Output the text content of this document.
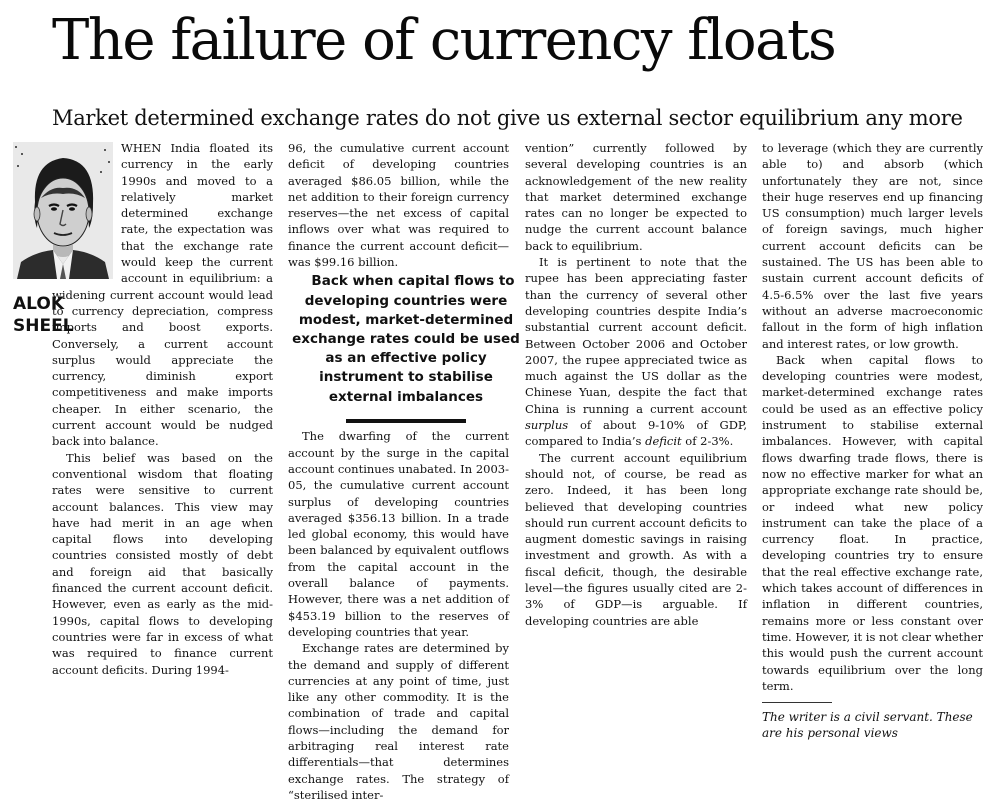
The failure of currency floats
Market determined exchange rates do not give us external sector equilibrium any more
ALOK
SHEEL

WHEN India floated its currency in the early 1990s and moved to a relatively market determined exchange rate, the expectation was that the exchange rate would keep the current account in equilibrium: a widening current account would lead to currency depreciation, compress imports and boost exports. Conversely, a current account surplus would appreciate the currency, diminish export competitiveness and make imports cheaper. In either scenario, the current account would be nudged back into balance.

This belief was based on the conventional wisdom that floating rates were sensitive to current account balances. This view may have had merit in an age when capital flows into developing countries consisted mostly of debt and foreign aid that basically financed the current account deficit. However, even as early as the mid-1990s, capital flows to developing countries were far in excess of what was required to finance current account deficits. During 1994-

96, the cumulative current account deficit of developing countries averaged $86.05 billion, while the net addition to their foreign currency reserves—the net excess of capital inflows over what was required to finance the current account deficit—was $99.16 billion.

Back when capital flows to developing countries were modest, market-determined exchange rates could be used as an effective policy instrument to stabilise external imbalances
The dwarfing of the current account by the surge in the capital account continues unabated. In 2003-05, the cumulative current account surplus of developing countries averaged $356.13 billion. In a trade led global economy, this would have been balanced by equivalent outflows from the capital account in the overall balance of payments. However, there was a net addition of $453.19 billion to the reserves of developing countries that year.

Exchange rates are determined by the demand and supply of different currencies at any point of time, just like any other commodity. It is the combination of trade and capital flows—including the demand for arbitraging real interest rate differentials—that determines exchange rates. The strategy of “sterilised inter-

vention” currently followed by several developing countries is an acknowledgement of the new reality that market determined exchange rates can no longer be expected to nudge the current account balance back to equilibrium.

It is pertinent to note that the rupee has been appreciating faster than the currency of several other developing countries despite India’s substantial current account deficit. Between October 2006 and October 2007, the rupee appreciated twice as much against the US dollar as the Chinese Yuan, despite the fact that China is running a current account surplus of about 9-10% of GDP, compared to India’s deficit of 2-3%.

The current account equilibrium should not, of course, be read as zero. Indeed, it has been long believed that developing countries should run current account deficits to augment domestic savings in raising investment and growth. As with a fiscal deficit, though, the desirable level—the figures usually cited are 2-3% of GDP—is arguable. If developing countries are able

to leverage (which they are currently able to) and absorb (which unfortunately they are not, since their huge reserves end up financing US consumption) much larger levels of foreign savings, much higher current account deficits can be sustained. The US has been able to sustain current account deficits of 4.5-6.5% over the last five years without an adverse macroeconomic fallout in the form of high inflation and interest rates, or low growth.

Back when capital flows to developing countries were modest, market-determined exchange rates could be used as an effective policy instrument to stabilise external imbalances. However, with capital flows dwarfing trade flows, there is now no effective marker for what an appropriate exchange rate should be, or indeed what new policy instrument can take the place of a currency float. In practice, developing countries try to ensure that the real effective exchange rate, which takes account of differences in inflation in different countries, remains more or less constant over time. However, it is not clear whether this would push the current account towards equilibrium over the long term.

The writer is a civil servant. These are his personal views
